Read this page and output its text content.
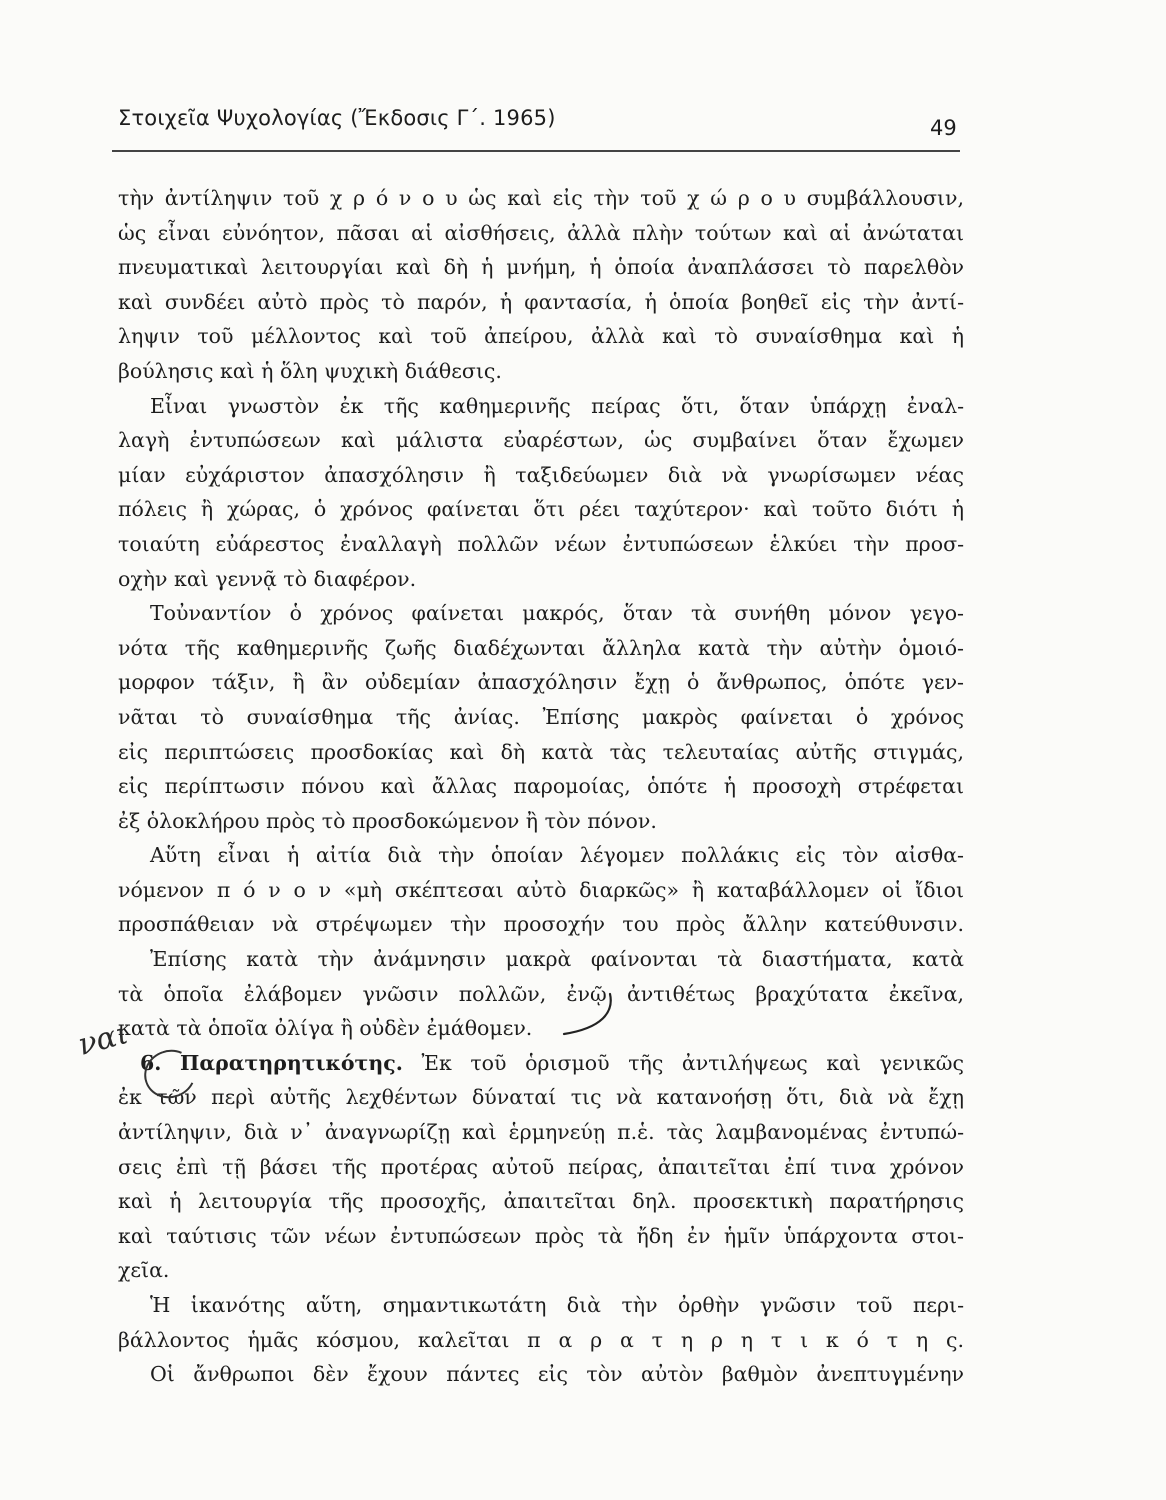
Στοιχεῖα Ψυχολογίας (Ἔκδοσις Γ΄. 1965)	49
τὴν ἀντίληψιν τοῦ χ ρ ό ν ο υ ὡς καὶ εἰς τὴν τοῦ χ ώ ρ ο υ συμβάλλουσιν,
ὡς εἶναι εὐνόητον, πᾶσαι αἱ αἰσθήσεις, ἀλλὰ πλὴν τούτων καὶ αἱ ἀνώταται
πνευματικαὶ λειτουργίαι καὶ δὴ ἡ μνήμη, ἡ ὁποία ἀναπλάσσει τὸ παρελθὸν
καὶ συνδέει αὐτὸ πρὸς τὸ παρόν, ἡ φαντασία, ἡ ὁποία βοηθεῖ εἰς τὴν ἀντί-
ληψιν τοῦ μέλλοντος καὶ τοῦ ἀπείρου, ἀλλὰ καὶ τὸ συναίσθημα καὶ ἡ
βούλησις καὶ ἡ ὅλη ψυχικὴ διάθεσις.
Εἶναι γνωστὸν ἐκ τῆς καθημερινῆς πείρας ὅτι, ὅταν ὑπάρχῃ ἐναλ-
λαγὴ ἐντυπώσεων καὶ μάλιστα εὐαρέστων, ὡς συμβαίνει ὅταν ἔχωμεν
μίαν εὐχάριστον ἀπασχόλησιν ἢ ταξιδεύωμεν διὰ νὰ γνωρίσωμεν νέας
πόλεις ἢ χώρας, ὁ χρόνος φαίνεται ὅτι ρέει ταχύτερον· καὶ τοῦτο διότι ἡ
τοιαύτη εὐάρεστος ἐναλλαγὴ πολλῶν νέων ἐντυπώσεων ἑλκύει τὴν προσ-
οχὴν καὶ γεννᾷ τὸ διαφέρον.
Τοὐναντίον ὁ χρόνος φαίνεται μακρός, ὅταν τὰ συνήθη μόνον γεγο-
νότα τῆς καθημερινῆς ζωῆς διαδέχωνται ἄλληλα κατὰ τὴν αὐτὴν ὁμοιό-
μορφον τάξιν, ἢ ἂν οὐδεμίαν ἀπασχόλησιν ἔχῃ ὁ ἄνθρωπος, ὁπότε γεν-
νᾶται τὸ συναίσθημα τῆς ἀνίας. Ἐπίσης μακρὸς φαίνεται ὁ χρόνος
εἰς περιπτώσεις προσδοκίας καὶ δὴ κατὰ τὰς τελευταίας αὐτῆς στιγμάς,
εἰς περίπτωσιν πόνου καὶ ἄλλας παρομοίας, ὁπότε ἡ προσοχὴ στρέφεται
ἐξ ὁλοκλήρου πρὸς τὸ προσδοκώμενον ἢ τὸν πόνον.
Αὕτη εἶναι ἡ αἰτία διὰ τὴν ὁποίαν λέγομεν πολλάκις εἰς τὸν αἰσθα-
νόμενον π ό ν ο ν «μὴ σκέπτεσαι αὐτὸ διαρκῶς» ἢ καταβάλλομεν οἱ ἴδιοι
προσπάθειαν νὰ στρέψωμεν τὴν προσοχήν του πρὸς ἄλλην κατεύθυνσιν.
Ἐπίσης κατὰ τὴν ἀνάμνησιν μακρὰ φαίνονται τὰ διαστήματα, κατὰ
τὰ ὁποῖα ἐλάβομεν γνῶσιν πολλῶν, ἐνῷ ἀντιθέτως βραχύτατα ἐκεῖνα,
κατὰ τὰ ὁποῖα ὀλίγα ἢ οὐδὲν ἐμάθομεν.
6. Παρατηρητικότης. Ἐκ τοῦ ὁρισμοῦ τῆς ἀντιλήψεως καὶ γενικῶς
ἐκ τῶν περὶ αὐτῆς λεχθέντων δύναταί τις νὰ κατανοήσῃ ὅτι, διὰ νὰ ἔχῃ
ἀντίληψιν, διὰ ν᾿ ἀναγνωρίζῃ καὶ ἑρμηνεύῃ π.ἑ. τὰς λαμβανομένας ἐντυπώ-
σεις ἐπὶ τῇ βάσει τῆς προτέρας αὐτοῦ πείρας, ἀπαιτεῖται ἐπί τινα χρόνον
καὶ ἡ λειτουργία τῆς προσοχῆς, ἀπαιτεῖται δηλ. προσεκτικὴ παρατήρησις
καὶ ταύτισις τῶν νέων ἐντυπώσεων πρὸς τὰ ἤδη ἐν ἡμῖν ὑπάρχοντα στοι-
χεῖα.
Ἡ ἱκανότης αὕτη, σημαντικωτάτη διὰ τὴν ὀρθὴν γνῶσιν τοῦ περι-
βάλλοντος ἡμᾶς κόσμου, καλεῖται π α ρ α τ η ρ η τ ι κ ό τ η ς.
Οἱ ἄνθρωποι δὲν ἔχουν πάντες εἰς τὸν αὐτὸν βαθμὸν ἀνεπτυγμένην
ναι
